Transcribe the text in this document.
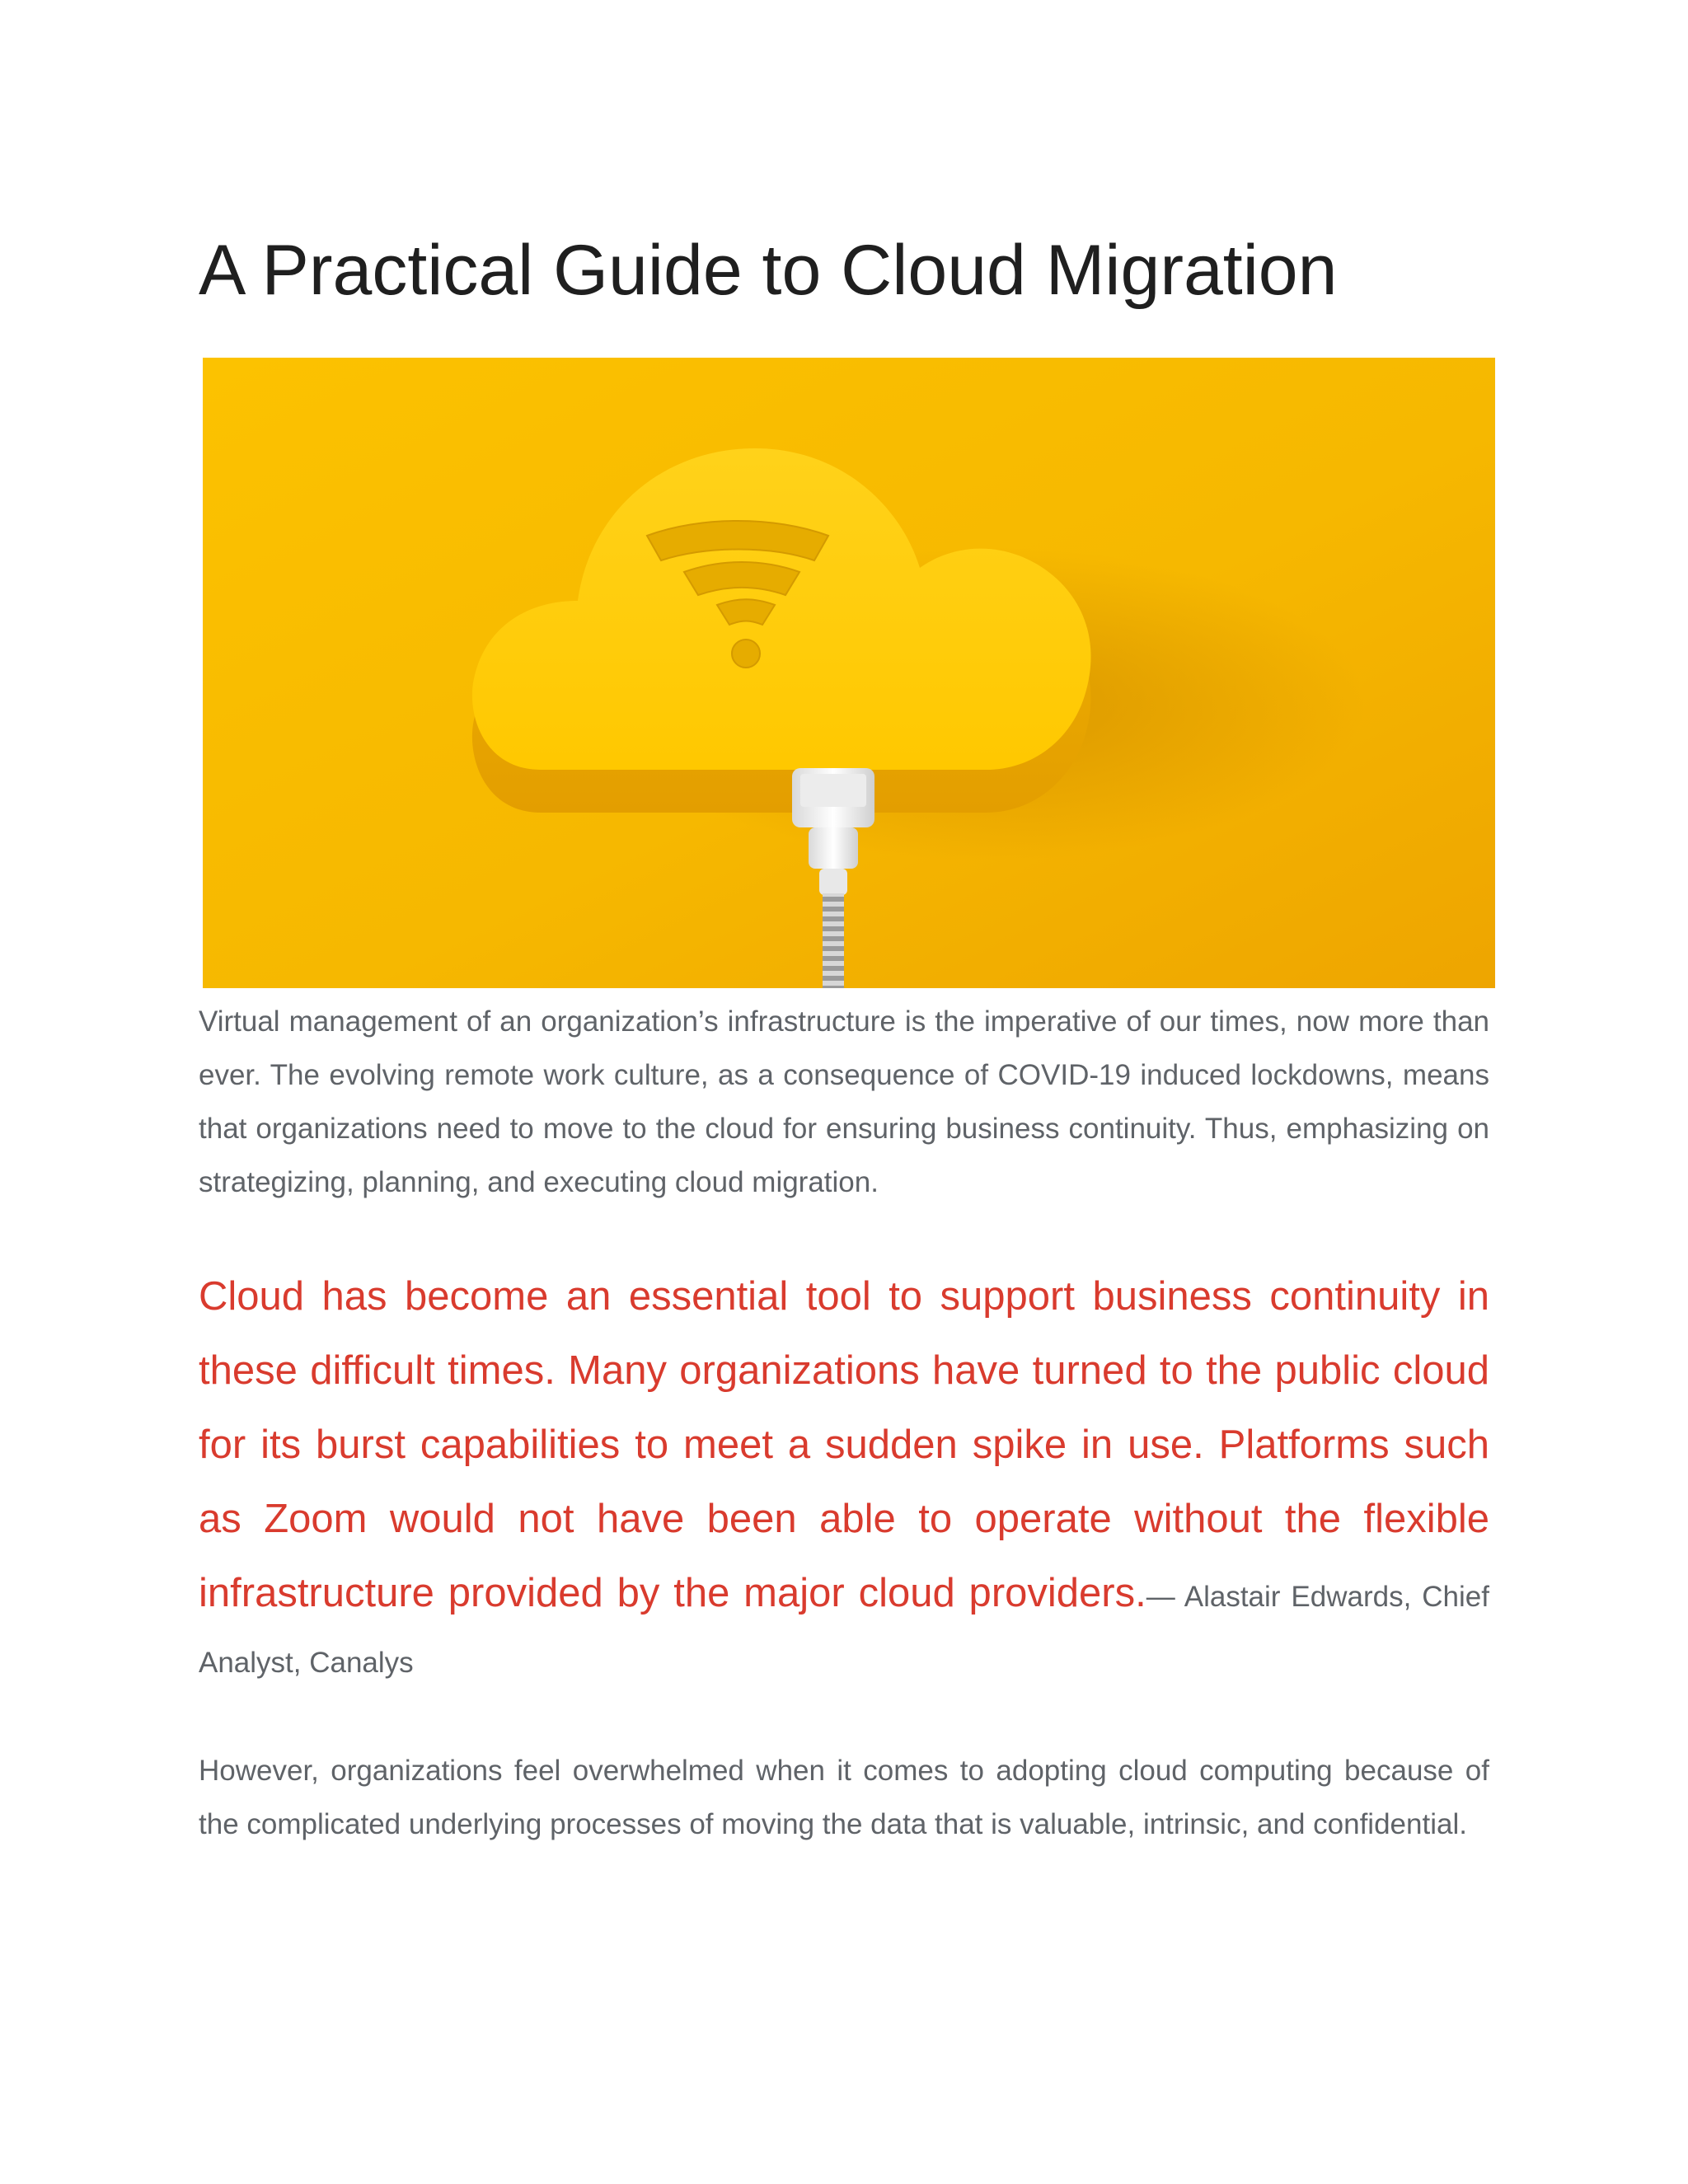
A Practical Guide to Cloud Migration

Virtual management of an organization’s infrastructure is the imperative of our times, now more than ever. The evolving remote work culture, as a consequence of COVID-19 induced lockdowns, means that organizations need to move to the cloud for ensuring business continuity. Thus, emphasizing on strategizing, planning, and executing cloud migration.

Cloud has become an essential tool to support business continuity in these difficult times. Many organizations have turned to the public cloud for its burst capabilities to meet a sudden spike in use. Platforms such as Zoom would not have been able to operate without the flexible infrastructure provided by the major cloud providers.— Alastair Edwards, Chief Analyst, Canalys

However, organizations feel overwhelmed when it comes to adopting cloud computing because of the complicated underlying processes of moving the data that is valuable, intrinsic, and confidential.
